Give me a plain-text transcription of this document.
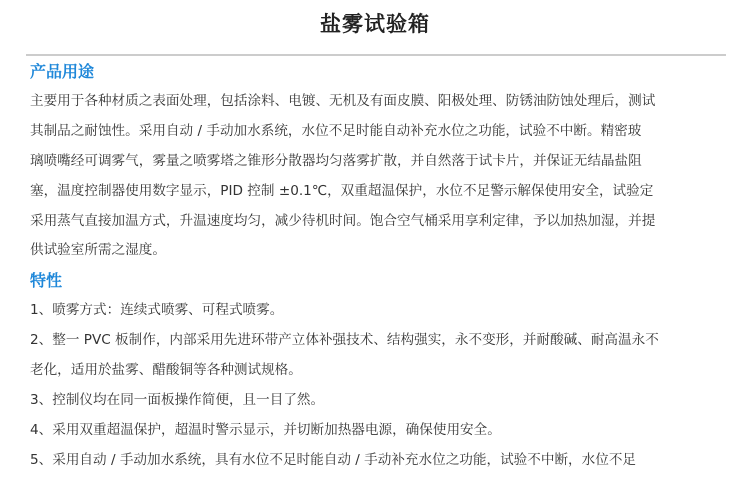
盐雾试验箱
产品用途
主要用于各种材质之表面处理，包括涂料、电镀、无机及有面皮膜、阳极处理、防锈油防蚀处理后，测试
其制品之耐蚀性。采用自动 / 手动加水系统，水位不足时能自动补充水位之功能，试验不中断。精密玻
璃喷嘴经可调雾气，雾量之喷雾塔之锥形分散器均匀落雾扩散，并自然落于试卡片，并保证无结晶盐阻
塞，温度控制器使用数字显示，PID 控制 ±0.1℃，双重超温保护，水位不足警示解保使用安全，试验定
采用蒸气直接加温方式，升温速度均匀，减少待机时间。饱合空气桶采用享利定律，予以加热加湿，并提
供试验室所需之湿度。
特性
1、喷雾方式：连续式喷雾、可程式喷雾。
2、整一 PVC 板制作，内部采用先进环带产立体补强技术、结构强实，永不变形，并耐酸碱、耐高温永不
老化，适用於盐雾、醋酸铜等各种测试规格。
3、控制仪均在同一面板操作简便，且一目了然。
4、采用双重超温保护，超温时警示显示，并切断加热器电源，确保使用安全。
5、采用自动 / 手动加水系统，具有水位不足时能自动 / 手动补充水位之功能，试验不中断，水位不足
